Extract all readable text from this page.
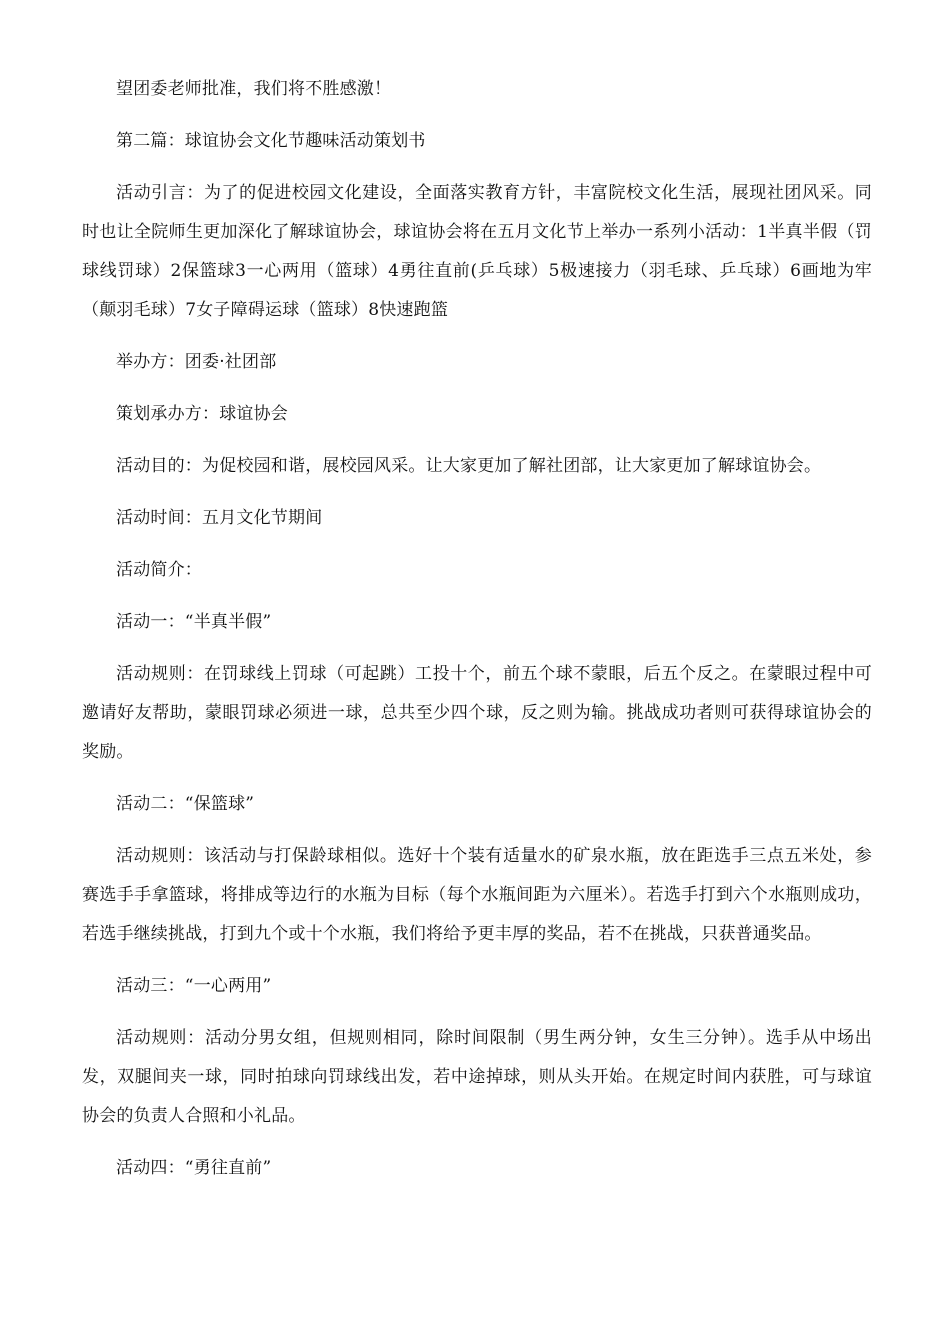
望团委老师批准，我们将不胜感激！

第二篇：球谊协会文化节趣味活动策划书

活动引言：为了的促进校园文化建设，全面落实教育方针，丰富院校文化生活，展现社团风采。同时也让全院师生更加深化了解球谊协会，球谊协会将在五月文化节上举办一系列小活动：1半真半假（罚球线罚球）2保篮球3一心两用（篮球）4勇往直前(乒乓球）5极速接力（羽毛球、乒乓球）6画地为牢（颠羽毛球）7女子障碍运球（篮球）8快速跑篮

举办方：团委·社团部

策划承办方：球谊协会

活动目的：为促校园和谐，展校园风采。让大家更加了解社团部，让大家更加了解球谊协会。

活动时间：五月文化节期间

活动简介：

活动一：“半真半假”

活动规则：在罚球线上罚球（可起跳）工投十个，前五个球不蒙眼，后五个反之。在蒙眼过程中可邀请好友帮助，蒙眼罚球必须进一球，总共至少四个球，反之则为输。挑战成功者则可获得球谊协会的奖励。

活动二：“保篮球”

活动规则：该活动与打保龄球相似。选好十个装有适量水的矿泉水瓶，放在距选手三点五米处，参赛选手手拿篮球，将排成等边行的水瓶为目标（每个水瓶间距为六厘米）。若选手打到六个水瓶则成功，若选手继续挑战，打到九个或十个水瓶，我们将给予更丰厚的奖品，若不在挑战，只获普通奖品。

活动三：“一心两用”

活动规则：活动分男女组，但规则相同，除时间限制（男生两分钟，女生三分钟）。选手从中场出发，双腿间夹一球，同时拍球向罚球线出发，若中途掉球，则从头开始。在规定时间内获胜，可与球谊协会的负责人合照和小礼品。

活动四：“勇往直前”
